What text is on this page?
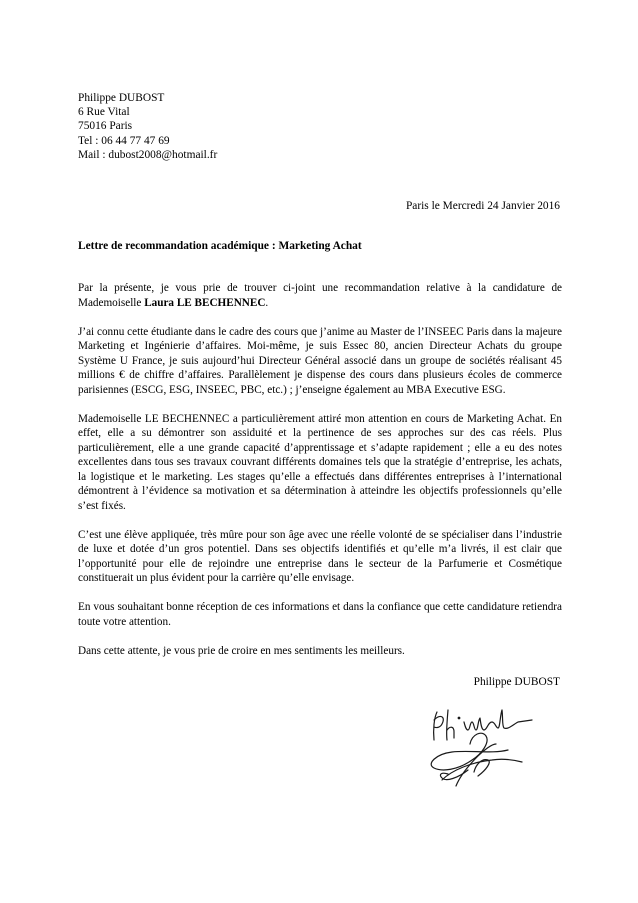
Philippe DUBOST
6 Rue Vital
75016 Paris
Tel : 06 44 77 47 69
Mail : dubost2008@hotmail.fr
Paris le Mercredi 24 Janvier 2016
Lettre de recommandation académique : Marketing Achat

Par la présente, je vous prie de trouver ci-joint une recommandation relative à la candidature de Mademoiselle Laura LE BECHENNEC.

J’ai connu cette étudiante dans le cadre des cours que j’anime au Master de l’INSEEC Paris dans la majeure Marketing et Ingénierie d’affaires. Moi-même, je suis Essec 80, ancien Directeur Achats du groupe Système U France, je suis aujourd’hui Directeur Général associé dans un groupe de sociétés réalisant 45 millions € de chiffre d’affaires. Parallèlement je dispense des cours dans plusieurs écoles de commerce parisiennes (ESCG, ESG, INSEEC, PBC, etc.) ; j’enseigne également au MBA Executive ESG.

Mademoiselle LE BECHENNEC a particulièrement attiré mon attention en cours de Marketing Achat. En effet, elle a su démontrer son assiduité et la pertinence de ses approches sur des cas réels. Plus particulièrement, elle a une grande capacité d’apprentissage et s’adapte rapidement ; elle a eu des notes excellentes dans tous ses travaux couvrant différents domaines tels que la stratégie d’entreprise, les achats, la logistique et le marketing. Les stages qu’elle a effectués dans différentes entreprises à l’international démontrent à l’évidence sa motivation et sa détermination à atteindre les objectifs professionnels qu’elle s’est fixés.

C’est une élève appliquée, très mûre pour son âge avec une réelle volonté de se spécialiser dans l’industrie de luxe et dotée d’un gros potentiel. Dans ses objectifs identifiés et qu’elle m’a livrés, il est clair que l’opportunité pour elle de rejoindre une entreprise dans le secteur de la Parfumerie et Cosmétique constituerait un plus évident pour la carrière qu’elle envisage.

En vous souhaitant bonne réception de ces informations et dans la confiance que cette candidature retiendra toute votre attention.

Dans cette attente, je vous prie de croire en mes sentiments les meilleurs.

Philippe DUBOST
